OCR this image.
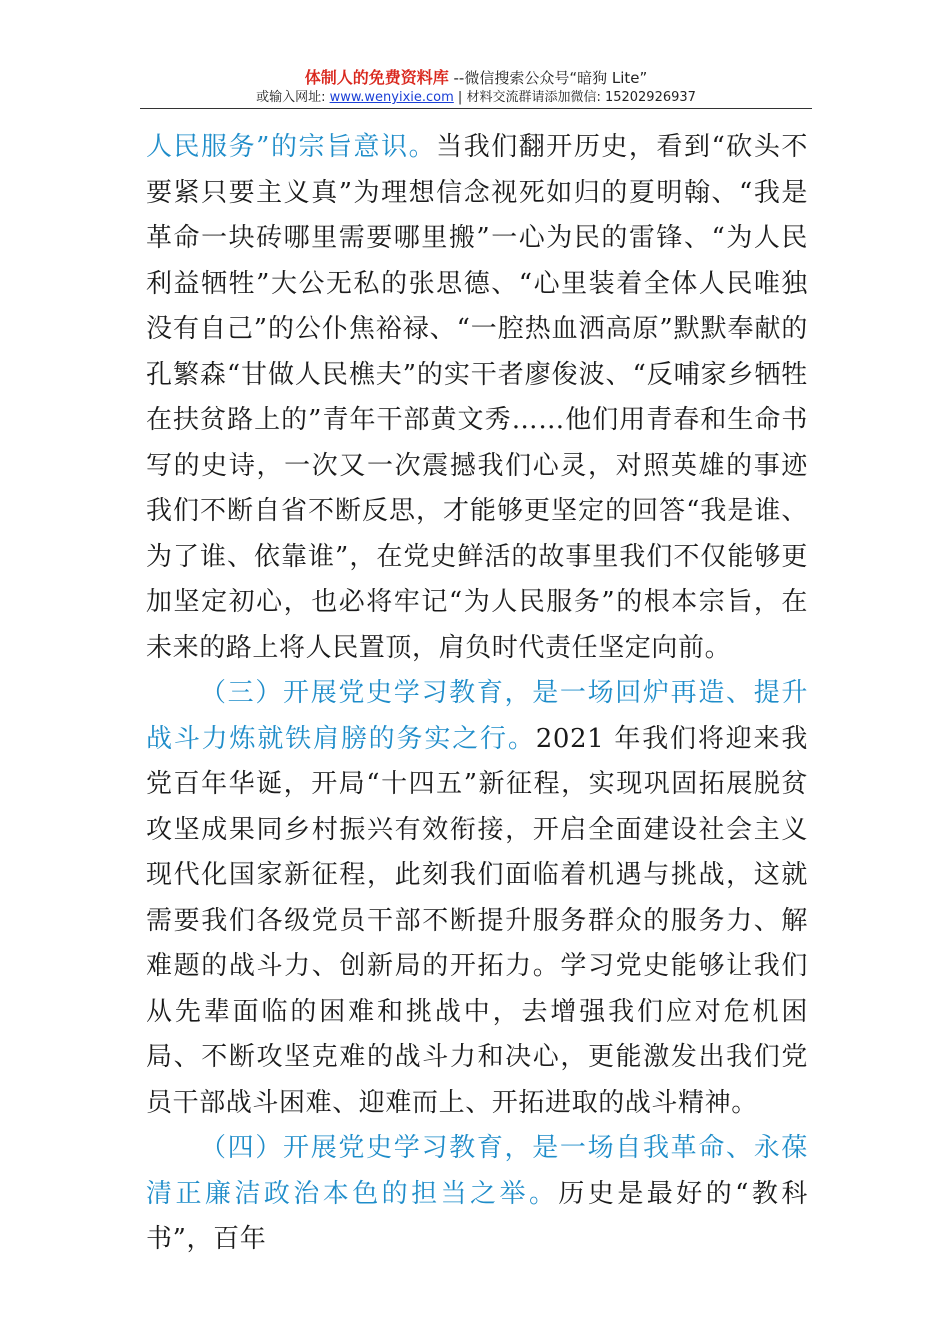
体制人的免费资料库 --微信搜索公众号“暗狗 Lite”
或输入网址: www.wenyixie.com | 材料交流群请添加微信: 15202926937

人民服务”的宗旨意识。当我们翻开历史，看到“砍头不要紧只要主义真”为理想信念视死如归的夏明翰、“我是革命一块砖哪里需要哪里搬”一心为民的雷锋、“为人民利益牺牲”大公无私的张思德、“心里装着全体人民唯独没有自己”的公仆焦裕禄、“一腔热血洒高原”默默奉献的孔繁森“甘做人民樵夫”的实干者廖俊波、“反哺家乡牺牲在扶贫路上的”青年干部黄文秀……他们用青春和生命书写的史诗，一次又一次震撼我们心灵，对照英雄的事迹我们不断自省不断反思，才能够更坚定的回答“我是谁、为了谁、依靠谁”，在党史鲜活的故事里我们不仅能够更加坚定初心，也必将牢记“为人民服务”的根本宗旨，在未来的路上将人民置顶，肩负时代责任坚定向前。

（三）开展党史学习教育，是一场回炉再造、提升战斗力炼就铁肩膀的务实之行。2021 年我们将迎来我党百年华诞，开局“十四五”新征程，实现巩固拓展脱贫攻坚成果同乡村振兴有效衔接，开启全面建设社会主义现代化国家新征程，此刻我们面临着机遇与挑战，这就需要我们各级党员干部不断提升服务群众的服务力、解难题的战斗力、创新局的开拓力。学习党史能够让我们从先辈面临的困难和挑战中，去增强我们应对危机困局、不断攻坚克难的战斗力和决心，更能激发出我们党员干部战斗困难、迎难而上、开拓进取的战斗精神。

（四）开展党史学习教育，是一场自我革命、永葆清正廉洁政治本色的担当之举。历史是最好的“教科书”，百年
